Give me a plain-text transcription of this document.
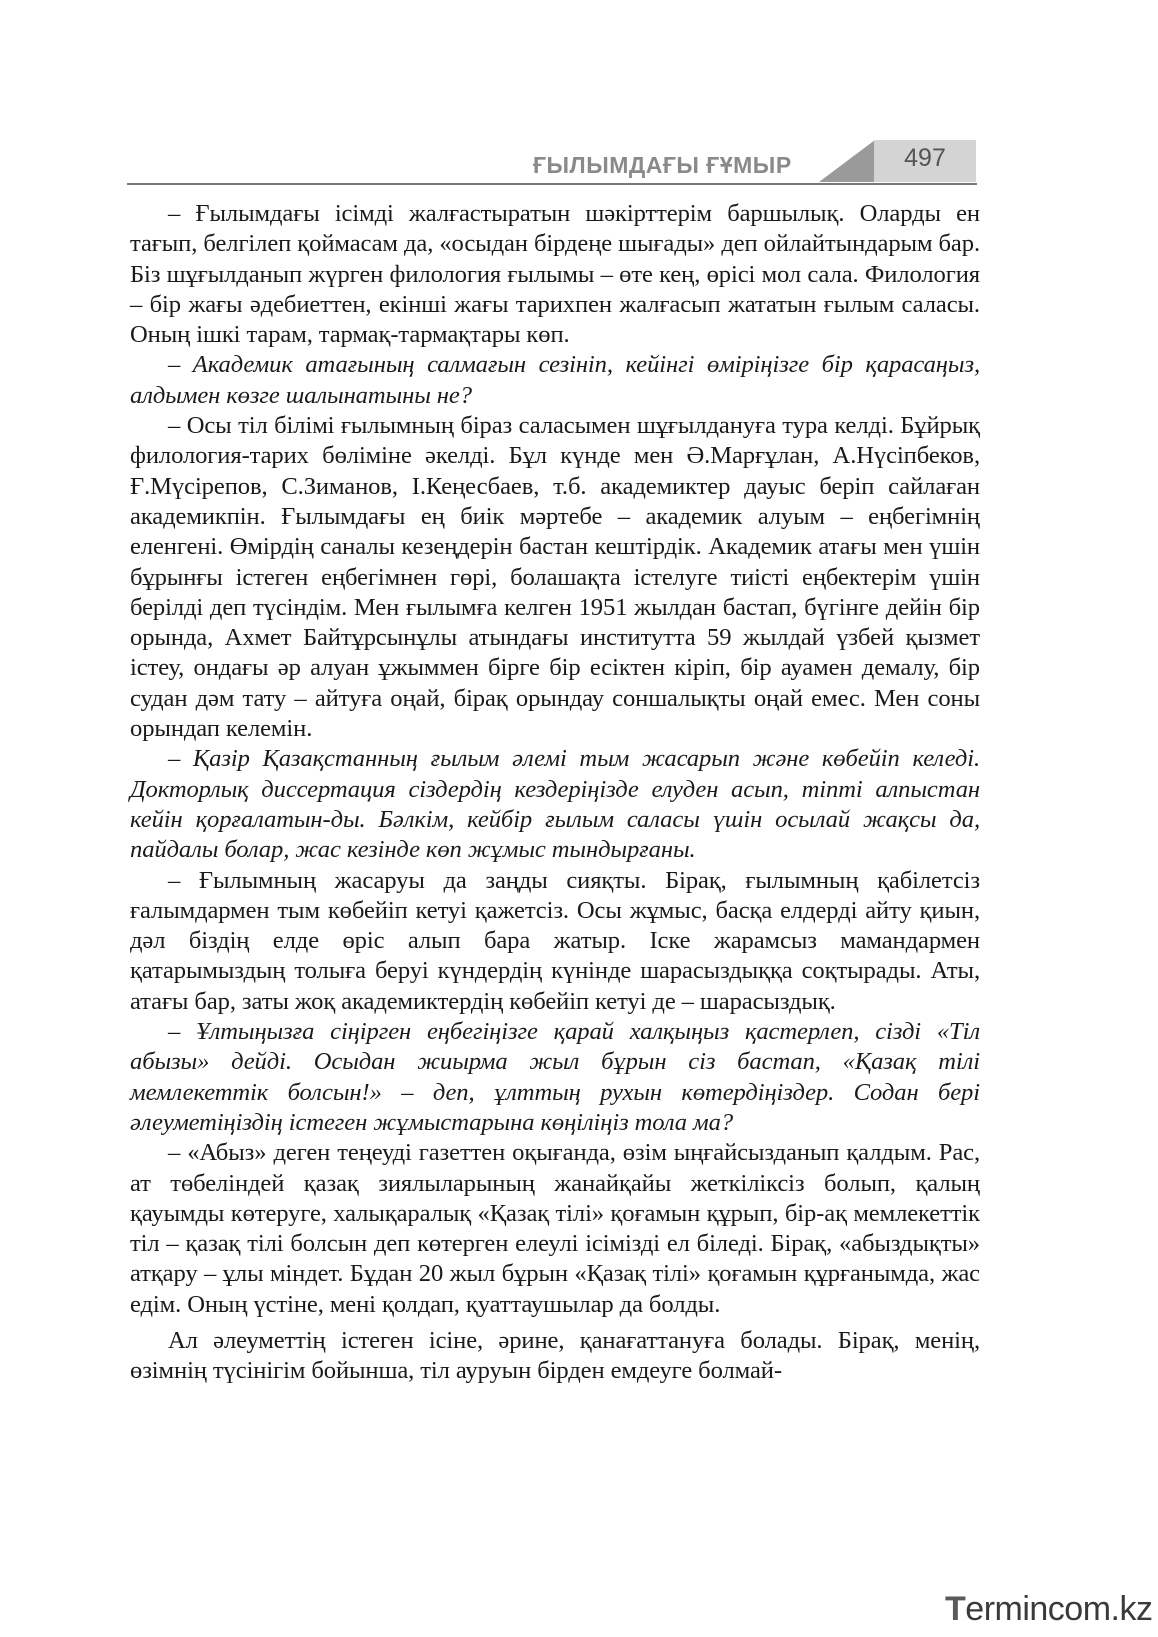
ҒЫЛЫМДАҒЫ ҒҰМЫР	497

– Ғылымдағы ісімді жалғастыратын шәкірттерім баршылық. Оларды ен тағып, белгілеп қоймасам да, «осыдан бірдеңе шығады» деп ойлайтындарым бар. Біз шұғылданып жүрген филология ғылымы – өте кең, өрісі мол сала. Филология – бір жағы әдебиеттен, екінші жағы тарихпен жалғасып жататын ғылым саласы. Оның ішкі тарам, тармақ-тармақтары көп.

– Академик атағының салмағын сезініп, кейінгі өміріңізге бір қарасаңыз, алдымен көзге шалынатыны не?

– Осы тіл білімі ғылымның біраз саласымен шұғылдануға тура келді. Бұйрық филология-тарих бөліміне әкелді. Бұл күнде мен Ә.Марғұлан, А.Нүсіпбеков, Ғ.Мүсірепов, С.Зиманов, І.Кеңесбаев, т.б. академиктер дауыс беріп сайлаған академикпін. Ғылымдағы ең биік мәртебе – академик алуым – еңбегімнің еленгені. Өмірдің саналы кезеңдерін бастан кештірдік. Академик атағы мен үшін бұрынғы істеген еңбегімнен гөрі, болашақта істелуге тиісті еңбектерім үшін берілді деп түсіндім. Мен ғылымға келген 1951 жылдан бастап, бүгінге дейін бір орында, Ахмет Байтұрсынұлы атындағы институтта 59 жылдай үзбей қызмет істеу, ондағы әр алуан ұжыммен бірге бір есіктен кіріп, бір ауамен демалу, бір судан дәм тату – айтуға оңай, бірақ орындау соншалықты оңай емес. Мен соны орындап келемін.

– Қазір Қазақстанның ғылым әлемі тым жасарып және көбейіп келеді. Докторлық диссертация сіздердің кездеріңізде елуден асып, тіпті алпыстан кейін қорғалатын-ды. Бәлкім, кейбір ғылым саласы үшін осылай жақсы да, пайдалы болар, жас кезінде көп жұмыс тындырғаны.

– Ғылымның жасаруы да заңды сияқты. Бірақ, ғылымның қабілетсіз ғалымдармен тым көбейіп кетуі қажетсіз. Осы жұмыс, басқа елдерді айту қиын, дәл біздің елде өріс алып бара жатыр. Іске жарамсыз мамандармен қатарымыздың толыға беруі күндердің күнінде шарасыздыққа соқтырады. Аты, атағы бар, заты жоқ академиктердің көбейіп кетуі де – шарасыздық.

– Ұлтыңызға сіңірген еңбегіңізге қарай халқыңыз қастерлеп, сізді «Тіл абызы» дейді. Осыдан жиырма жыл бұрын сіз бастап, «Қазақ тілі мемлекеттік болсын!» – деп, ұлттың рухын көтердіңіздер. Содан бері әлеуметіңіздің істеген жұмыстарына көңіліңіз тола ма?

– «Абыз» деген теңеуді газеттен оқығанда, өзім ыңғайсызданып қалдым. Рас, ат төбеліндей қазақ зиялыларының жанайқайы жеткіліксіз болып, қалың қауымды көтеруге, халықаралық «Қазақ тілі» қоғамын құрып, бір-ақ мемлекеттік тіл – қазақ тілі болсын деп көтерген елеулі ісімізді ел біледі. Бірақ, «абыздықты» атқару – ұлы міндет. Бұдан 20 жыл бұрын «Қазақ тілі» қоғамын құрғанымда, жас едім. Оның үстіне, мені қолдап, қуаттаушылар да болды.

Ал әлеуметтің істеген ісіне, әрине, қанағаттануға болады. Бірақ, менің, өзімнің түсінігім бойынша, тіл ауруын бірден емдеуге болмай-

Termincom.kz
